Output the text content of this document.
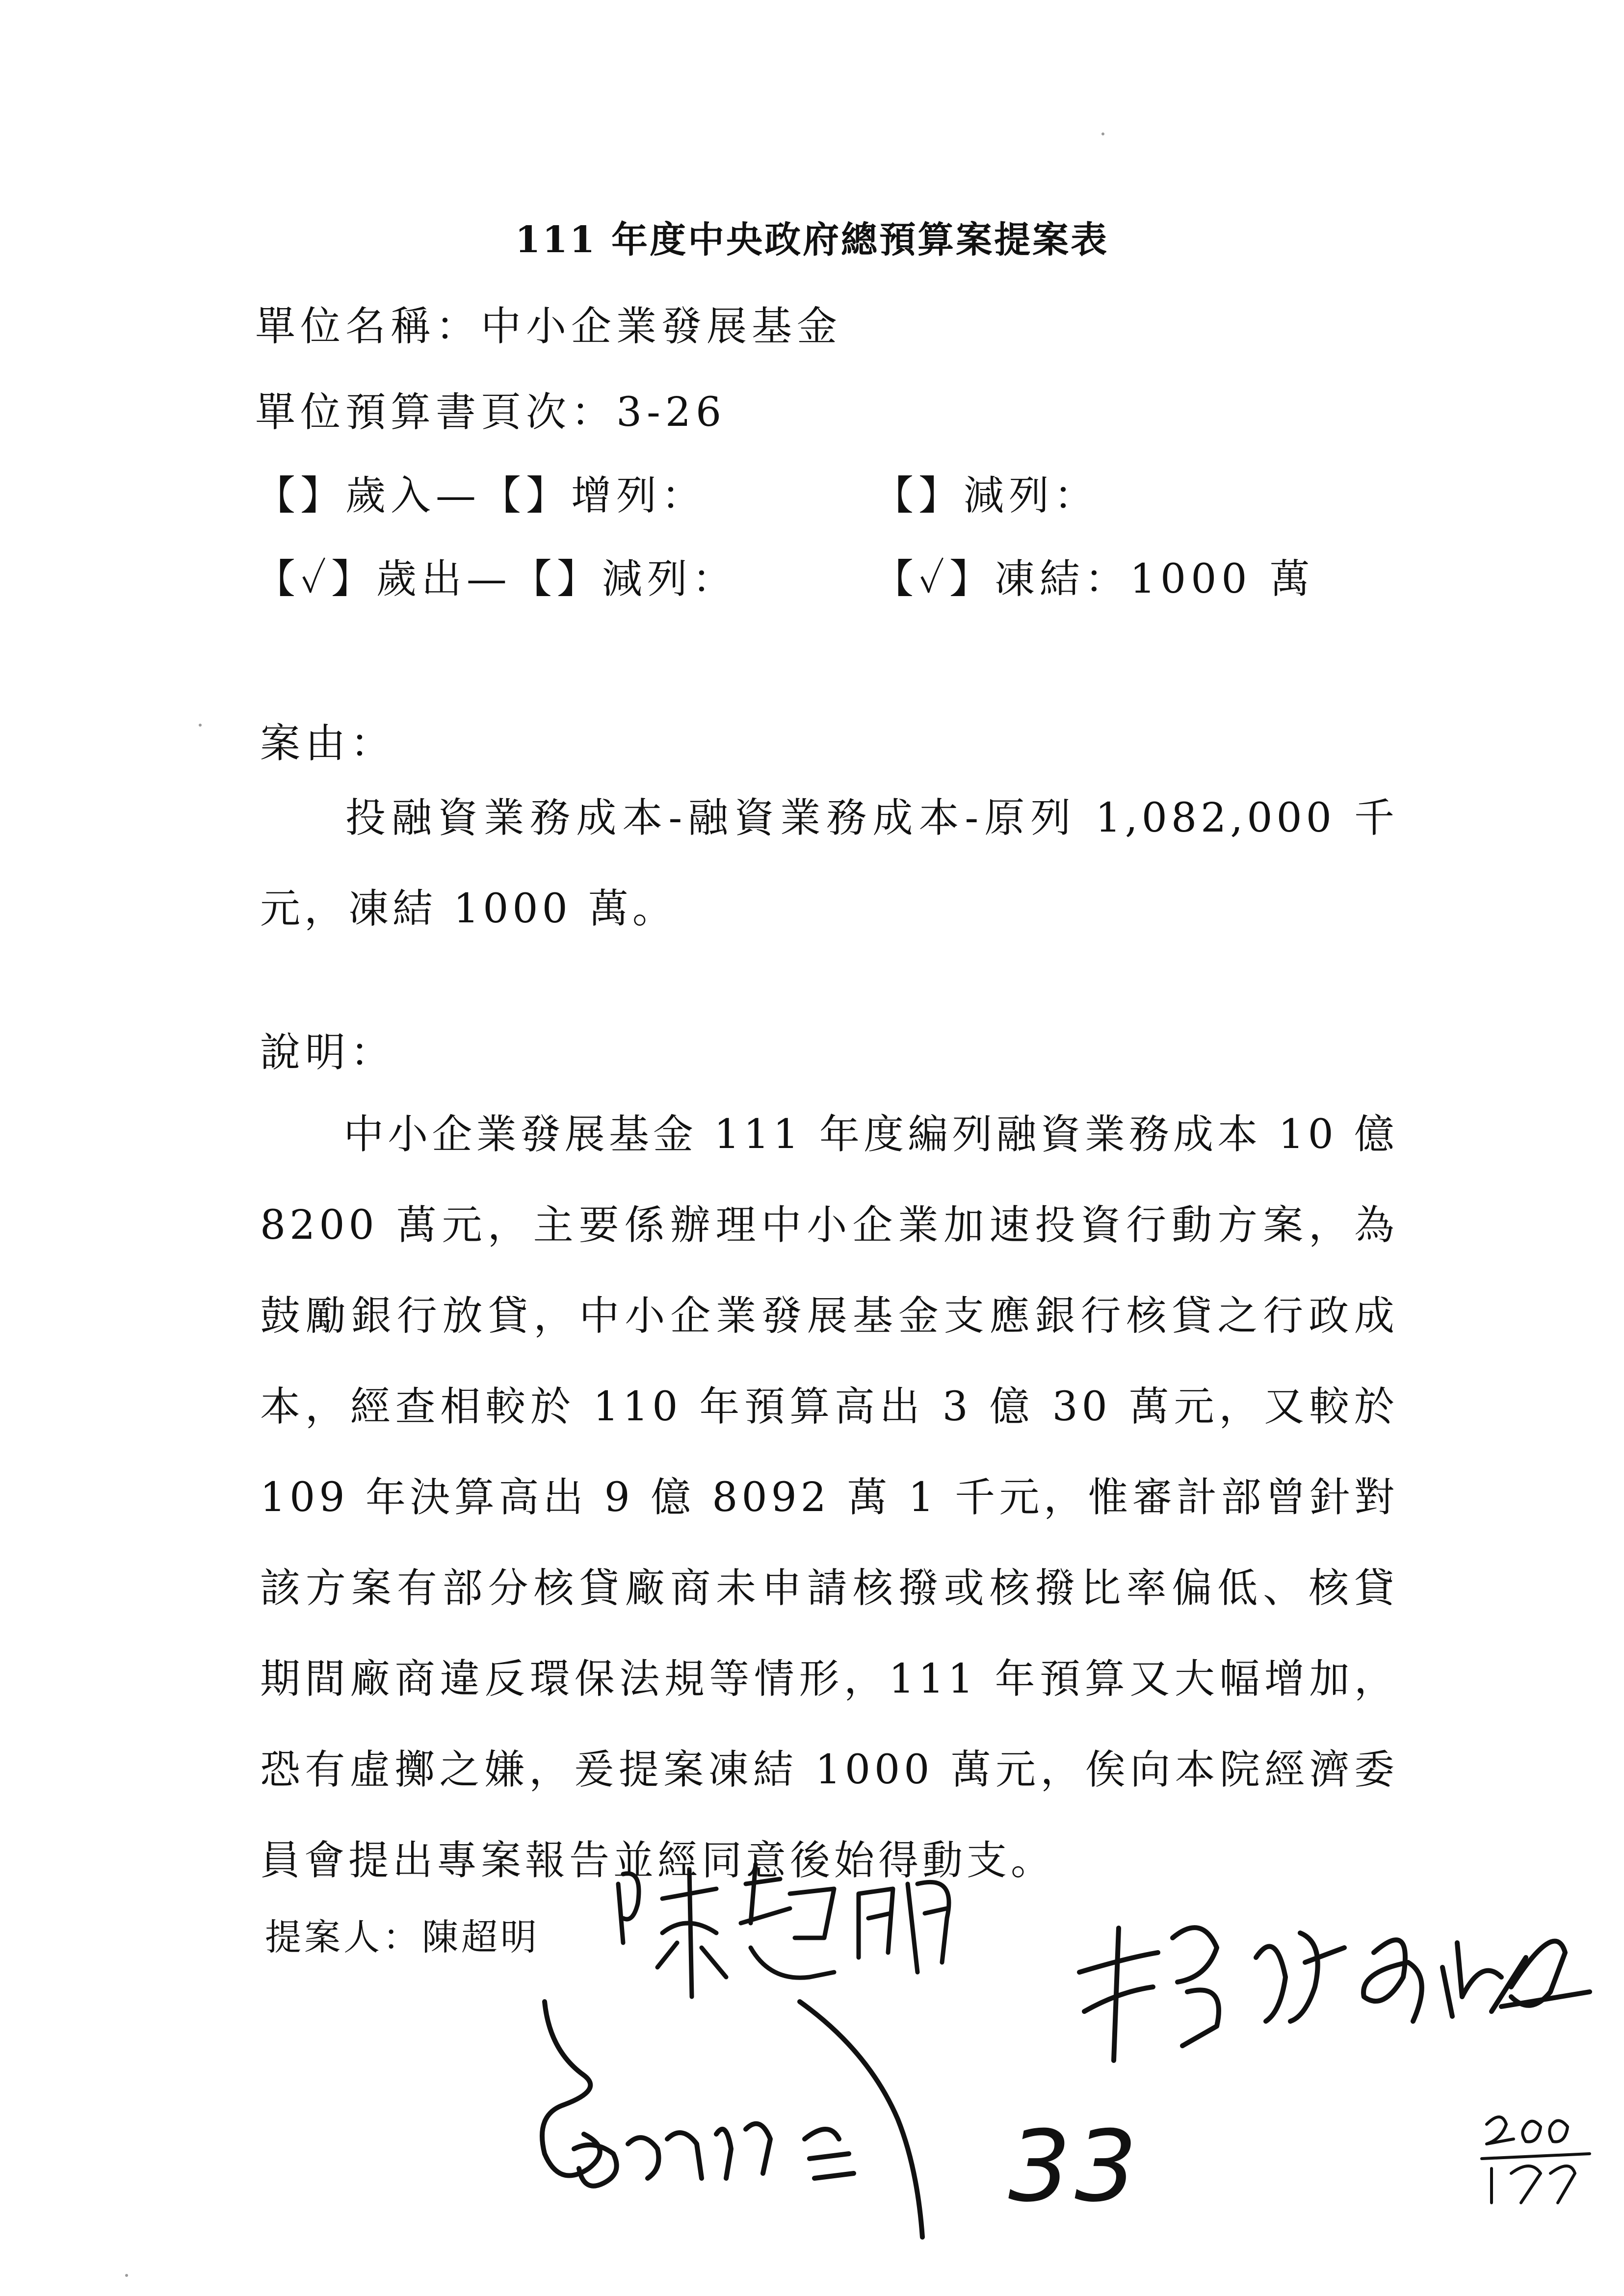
111 年度中央政府總預算案提案表
單位名稱：中小企業發展基金
單位預算書頁次：3-26
【】歲入—【】增列：	【】減列：
【✓】歲出—【】減列：	【✓】凍結：1000 萬
案由：

投融資業務成本-融資業務成本-原列 1,082,000 千元，凍結 1000 萬。

說明：

中小企業發展基金 111 年度編列融資業務成本 10 億 8200 萬元，主要係辦理中小企業加速投資行動方案，為鼓勵銀行放貸，中小企業發展基金支應銀行核貸之行政成本，經查相較於 110 年預算高出 3 億 30 萬元，又較於 109 年決算高出 9 億 8092 萬 1 千元，惟審計部曾針對該方案有部分核貸廠商未申請核撥或核撥比率偏低、核貸期間廠商違反環保法規等情形，111 年預算又大幅增加，恐有虛擲之嫌，爰提案凍結 1000 萬元，俟向本院經濟委員會提出專案報告並經同意後始得動支。

提案人：陳超明
33
